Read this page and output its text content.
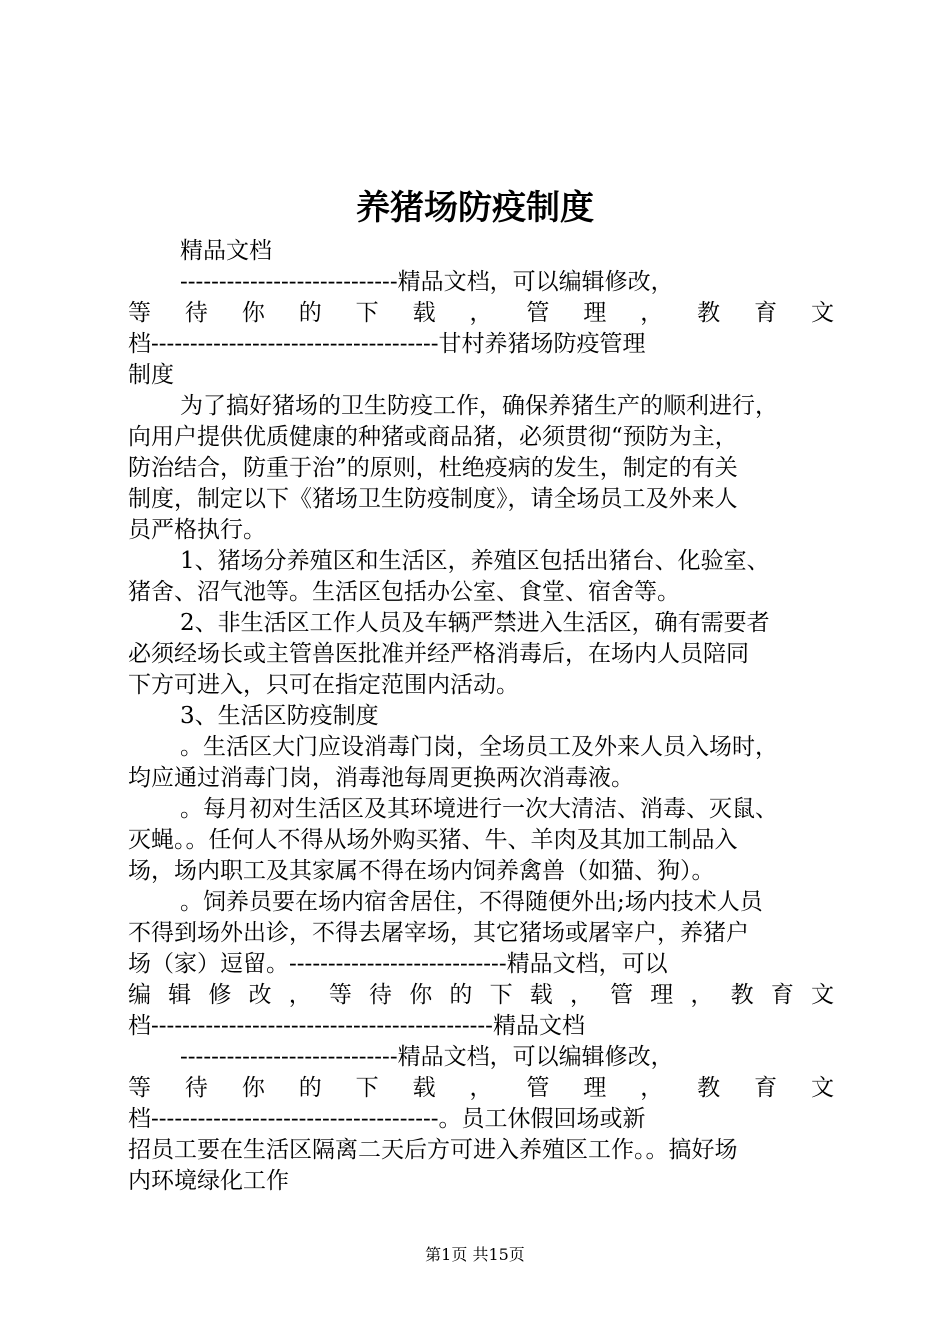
养猪场防疫制度

精品文档

----------------------------精品文档，可以编辑修改，

等待你的下载，管理，教育文

档-------------------------------------甘村养猪场防疫管理

制度

为了搞好猪场的卫生防疫工作，确保养猪生产的顺利进行，

向用户提供优质健康的种猪或商品猪，必须贯彻“预防为主，

防治结合，防重于治”的原则，杜绝疫病的发生，制定的有关

制度，制定以下《猪场卫生防疫制度》，请全场员工及外来人

员严格执行。

1、猪场分养殖区和生活区，养殖区包括出猪台、化验室、

猪舍、沼气池等。生活区包括办公室、食堂、宿舍等。

2、非生活区工作人员及车辆严禁进入生活区，确有需要者

必须经场长或主管兽医批准并经严格消毒后，在场内人员陪同

下方可进入，只可在指定范围内活动。

3、生活区防疫制度

。生活区大门应设消毒门岗，全场员工及外来人员入场时，

均应通过消毒门岗，消毒池每周更换两次消毒液。

。每月初对生活区及其环境进行一次大清洁、消毒、灭鼠、

灭蝇。。任何人不得从场外购买猪、牛、羊肉及其加工制品入

场，场内职工及其家属不得在场内饲养禽兽（如猫、狗）。

。饲养员要在场内宿舍居住，不得随便外出;场内技术人员

不得到场外出诊，不得去屠宰场，其它猪场或屠宰户，养猪户

场（家）逗留。----------------------------精品文档，可以

编辑修改，等待你的下载，管理，教育文

档--------------------------------------------精品文档

----------------------------精品文档，可以编辑修改，

等待你的下载，管理，教育文

档-------------------------------------。员工休假回场或新

招员工要在生活区隔离二天后方可进入养殖区工作。。搞好场

内环境绿化工作

第1页 共15页
